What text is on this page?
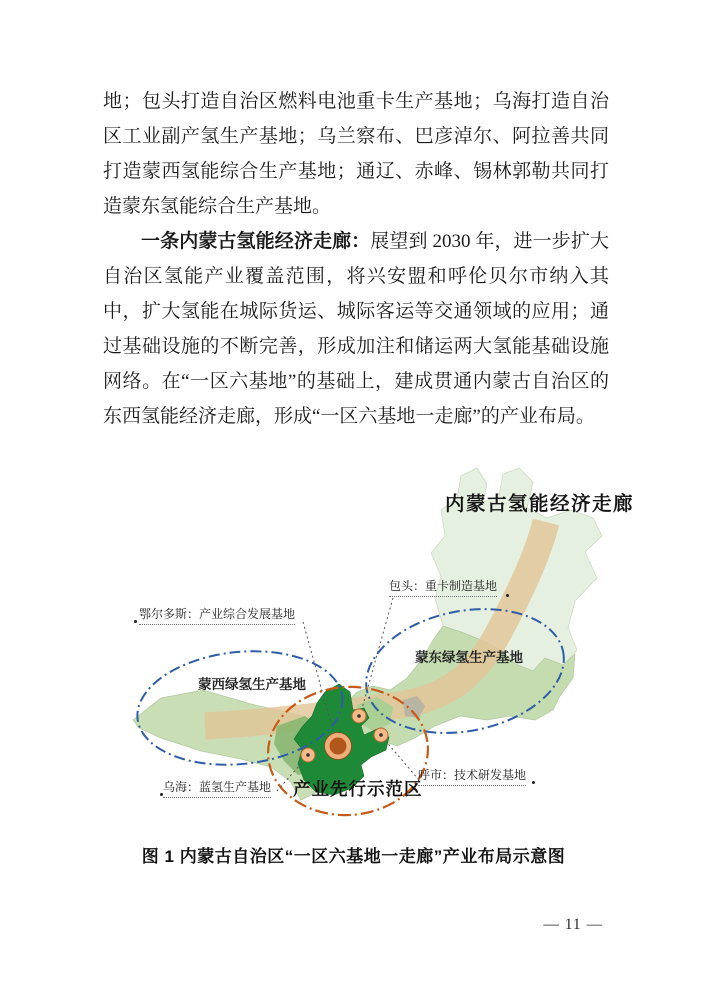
地；包头打造自治区燃料电池重卡生产基地；乌海打造自治区工业副产氢生产基地；乌兰察布、巴彦淖尔、阿拉善共同打造蒙西氢能综合生产基地；通辽、赤峰、锡林郭勒共同打造蒙东氢能综合生产基地。

一条内蒙古氢能经济走廊：展望到 2030 年，进一步扩大自治区氢能产业覆盖范围，将兴安盟和呼伦贝尔市纳入其中，扩大氢能在城际货运、城际客运等交通领域的应用；通过基础设施的不断完善，形成加注和储运两大氢能基础设施网络。在“一区六基地”的基础上，建成贯通内蒙古自治区的东西氢能经济走廊，形成“一区六基地一走廊”的产业布局。

内蒙古氢能经济走廊
包头：重卡制造基地
鄂尔多斯：产业综合发展基地
蒙东绿氢生产基地
蒙西绿氢生产基地
乌海：蓝氢生产基地 产业先行示范区
呼市：技术研发基地
图 1 内蒙古自治区“一区六基地一走廊”产业布局示意图
— 11 —
